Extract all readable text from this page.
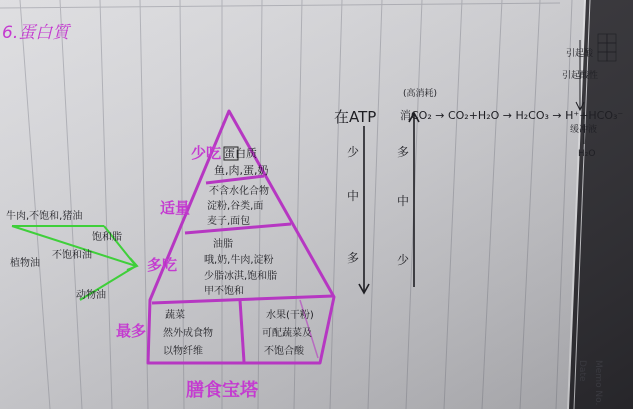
6.蛋白質
少吃 蛋白质
鱼,肉,蛋,奶
适量
不含水化合物
淀粉,谷类,面
麦子,面包
多吃
油脂
哦,奶,牛肉,淀粉
少脂冰淇,饱和脂
甲不饱和
最多
蔬菜
然外成食物
以物纤维
水果(干粉)
可配蔬菜及
不饱合酸
膳食宝塔
牛肉,不饱和,猪油
饱和脂
不饱和油
植物油
动物油
在ATP
少
中
多
多
中
少
(高消耗)
消CO₂ → CO₂+H₂O → H₂CO₃ → H⁺+HCO₃⁻
引起酸
引起酸性
缓冲液
H₂O
Memo No.
Date
